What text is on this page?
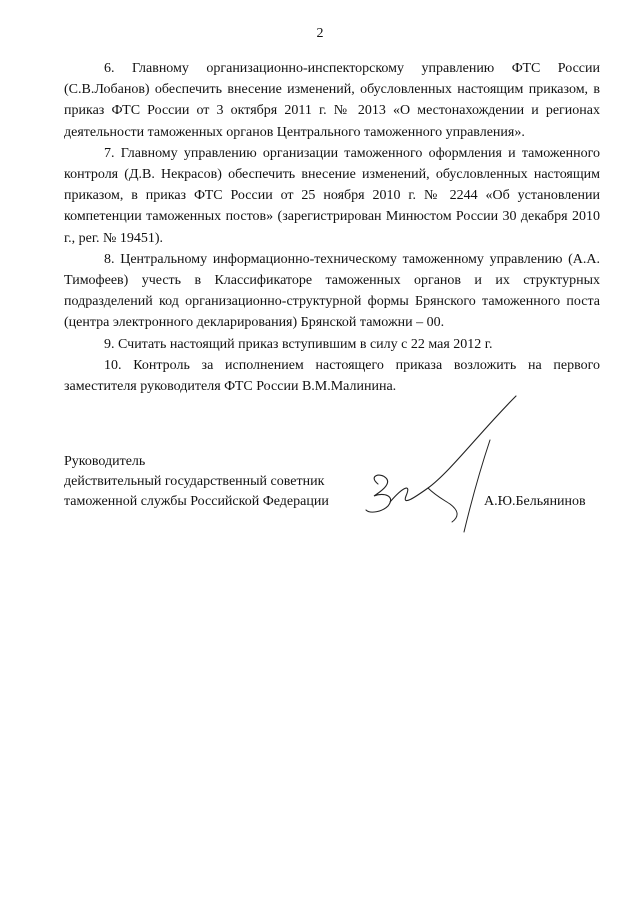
2

6. Главному организационно-инспекторскому управлению ФТС России (С.В.Лобанов) обеспечить внесение изменений, обусловленных настоящим приказом, в приказ ФТС России от 3 октября 2011 г. № 2013 «О местонахождении и регионах деятельности таможенных органов Центрального таможенного управления».

7. Главному управлению организации таможенного оформления и таможенного контроля (Д.В. Некрасов) обеспечить внесение изменений, обусловленных настоящим приказом, в приказ ФТС России от 25 ноября 2010 г. № 2244 «Об установлении компетенции таможенных постов» (зарегистрирован Минюстом России 30 декабря 2010 г., рег. № 19451).

8. Центральному информационно-техническому таможенному управлению (А.А. Тимофеев) учесть в Классификаторе таможенных органов и их структурных подразделений код организационно-структурной формы Брянского таможенного поста (центра электронного декларирования) Брянской таможни – 00.

9. Считать настоящий приказ вступившим в силу с 22 мая 2012 г.

10. Контроль за исполнением настоящего приказа возложить на первого заместителя руководителя ФТС России В.М.Малинина.

Руководитель
действительный государственный советник
таможенной службы Российской Федерации	А.Ю.Бельянинов
